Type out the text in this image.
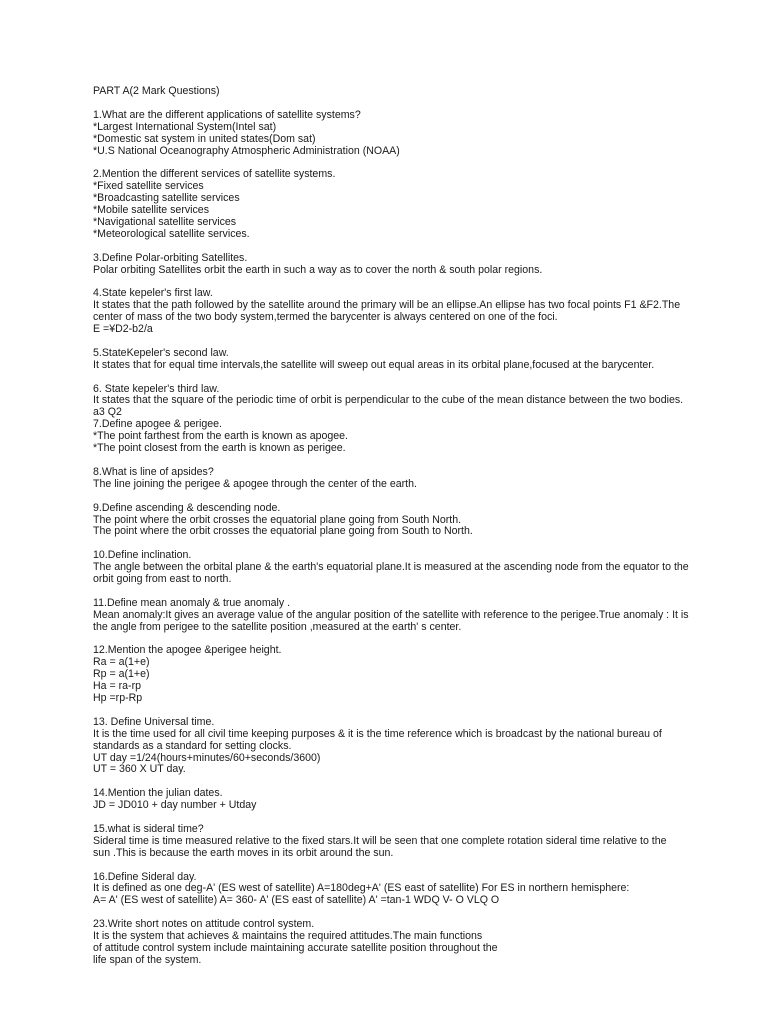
PART A(2 Mark Questions)
1.What are the different applications of satellite systems?
*Largest International System(Intel sat)
*Domestic sat system in united states(Dom sat)
*U.S National Oceanography Atmospheric Administration (NOAA)
2.Mention the different services of satellite systems.
*Fixed satellite services
*Broadcasting satellite services
*Mobile satellite services
*Navigational satellite services
*Meteorological satellite services.
3.Define Polar-orbiting Satellites.
Polar orbiting Satellites orbit the earth in such a way as to cover the north & south polar regions.
4.State kepeler's first law.
It states that the path followed by the satellite around the primary will be an ellipse.An ellipse has two focal points F1 &F2.The
center of mass of the two body system,termed the barycenter is always centered on one of the foci.
E =¥D2-b2/a
5.StateKepeler's second law.
It states that for equal time intervals,the satellite will sweep out equal areas in its orbital plane,focused at the barycenter.
6. State kepeler's third law.
It states that the square of the periodic time of orbit is perpendicular to the cube of the mean distance between the two bodies.
a3 Q2
7.Define apogee & perigee.
*The point farthest from the earth is known as apogee.
*The point closest from the earth is known as perigee.
8.What is line of apsides?
The line joining the perigee & apogee through the center of the earth.
9.Define ascending & descending node.
The point where the orbit crosses the equatorial plane going from South North.
The point where the orbit crosses the equatorial plane going from South to North.
10.Define inclination.
The angle between the orbital plane & the earth's equatorial plane.It is measured at the ascending node from the equator to the
orbit going from east to north.
11.Define mean anomaly & true anomaly .
Mean anomaly:It gives an average value of the angular position of the satellite with reference to the perigee.True anomaly : It is
the angle from perigee to the satellite position ,measured at the earth' s center.
12.Mention the apogee &perigee height.
Ra = a(1+e)
Rp = a(1+e)
Ha = ra-rp
Hp =rp-Rp
13. Define Universal time.
It is the time used for all civil time keeping purposes & it is the time reference which is broadcast by the national bureau of
standards as a standard for setting clocks.
UT day =1/24(hours+minutes/60+seconds/3600)
UT = 360 X UT day.
14.Mention the julian dates.
JD = JD010 + day number + Utday
15.what is sideral time?
Sideral time is time measured relative to the fixed stars.It will be seen that one complete rotation sideral time relative to the
sun .This is because the earth moves in its orbit around the sun.
16.Define Sideral day.
It is defined as one deg-A' (ES west of satellite) A=180deg+A' (ES east of satellite) For ES in northern hemisphere:
A= A' (ES west of satellite) A= 360- A' (ES east of satellite) A' =tan-1 WDQ V- O VLQ O
23.Write short notes on attitude control system.
It is the system that achieves & maintains the required attitudes.The main functions
of attitude control system include maintaining accurate satellite position throughout the
life span of the system.
